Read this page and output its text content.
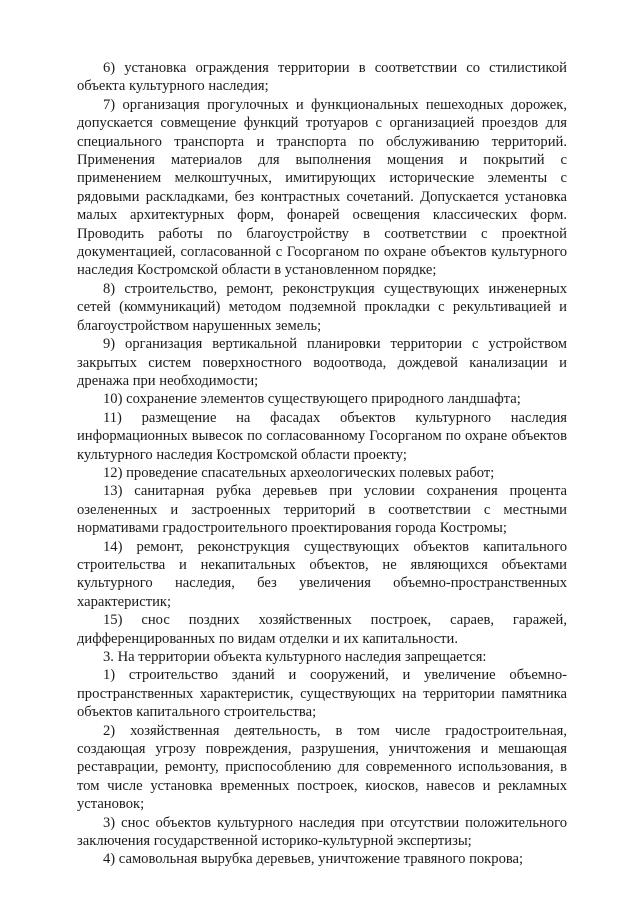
6) установка ограждения территории в соответствии со стилистикой объекта культурного наследия;

7) организация прогулочных и функциональных пешеходных дорожек, допускается совмещение функций тротуаров с организацией проездов для специального транспорта и транспорта по обслуживанию территорий. Применения материалов для выполнения мощения и покрытий с применением мелкоштучных, имитирующих исторические элементы с рядовыми раскладками, без контрастных сочетаний. Допускается установка малых архитектурных форм, фонарей освещения классических форм. Проводить работы по благоустройству в соответствии с проектной документацией, согласованной с Госорганом по охране объектов культурного наследия Костромской области в установленном порядке;

8) строительство, ремонт, реконструкция существующих инженерных сетей (коммуникаций) методом подземной прокладки с рекультивацией и благоустройством нарушенных земель;

9) организация вертикальной планировки территории с устройством закрытых систем поверхностного водоотвода, дождевой канализации и дренажа при необходимости;

10) сохранение элементов существующего природного ландшафта;

11) размещение на фасадах объектов культурного наследия информационных вывесок по согласованному Госорганом по охране объектов культурного наследия Костромской области проекту;

12) проведение спасательных археологических полевых работ;

13) санитарная рубка деревьев при условии сохранения процента озелененных и застроенных территорий в соответствии с местными нормативами градостроительного проектирования города Костромы;

14) ремонт, реконструкция существующих объектов капитального строительства и некапитальных объектов, не являющихся объектами культурного наследия, без увеличения объемно-пространственных характеристик;

15) снос поздних хозяйственных построек, сараев, гаражей, дифференцированных по видам отделки и их капитальности.

3. На территории объекта культурного наследия запрещается:

1) строительство зданий и сооружений, и увеличение объемно-пространственных характеристик, существующих на территории памятника объектов капитального строительства;

2) хозяйственная деятельность, в том числе градостроительная, создающая угрозу повреждения, разрушения, уничтожения и мешающая реставрации, ремонту, приспособлению для современного использования, в том числе установка временных построек, киосков, навесов и рекламных установок;

3) снос объектов культурного наследия при отсутствии положительного заключения государственной историко-культурной экспертизы;

4) самовольная вырубка деревьев, уничтожение травяного покрова;
